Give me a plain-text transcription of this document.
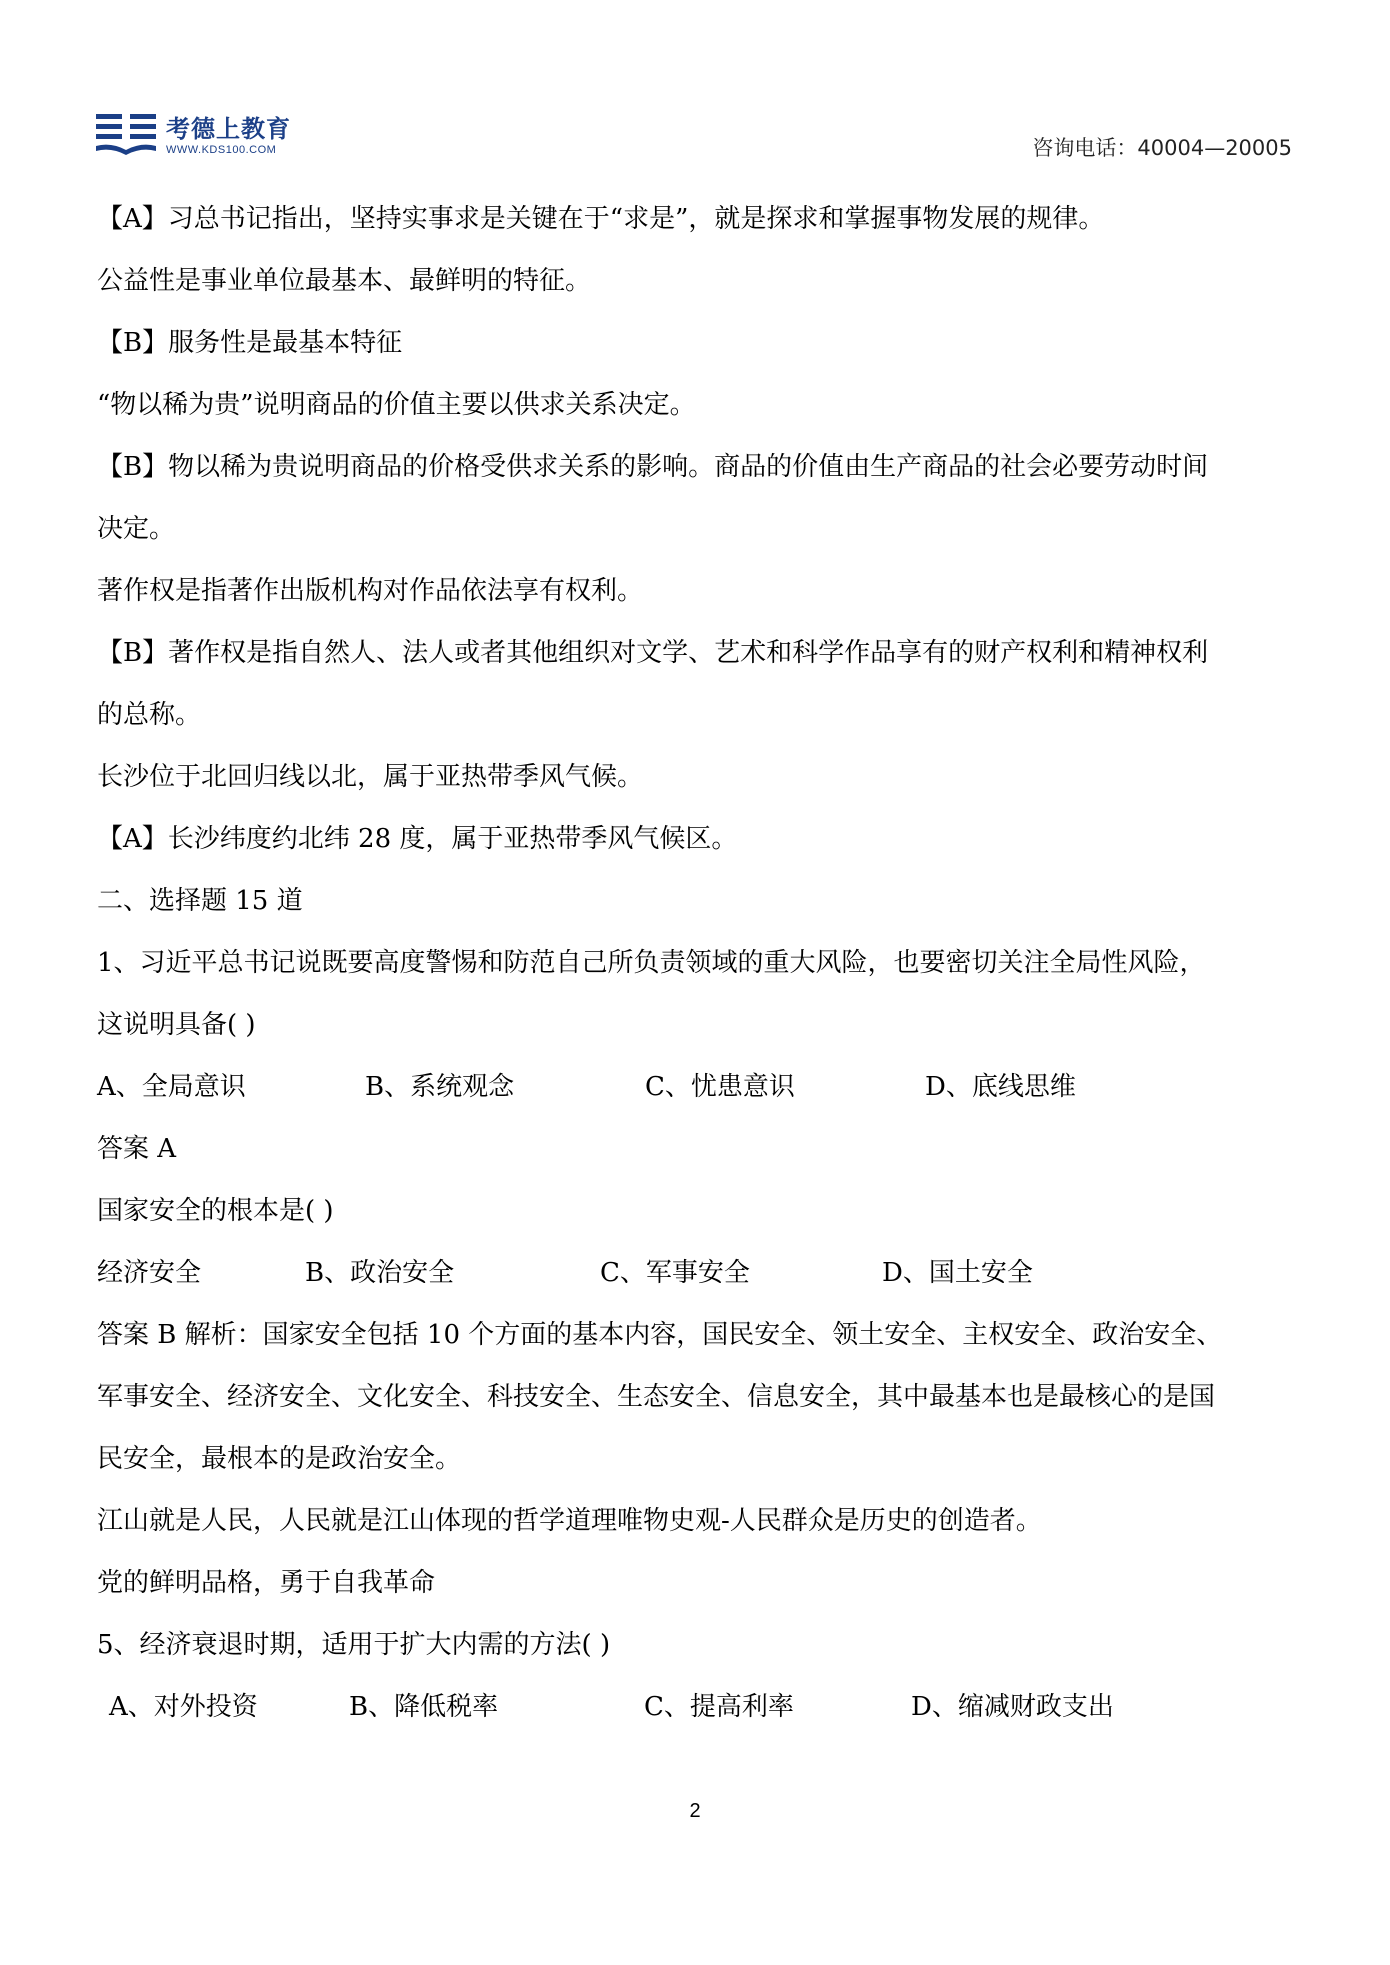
考德上教育
WWW.KDS100.COM	咨询电话：40004—20005
【A】习总书记指出，坚持实事求是关键在于“求是”，就是探求和掌握事物发展的规律。
公益性是事业单位最基本、最鲜明的特征。
【B】服务性是最基本特征
“物以稀为贵”说明商品的价值主要以供求关系决定。
【B】物以稀为贵说明商品的价格受供求关系的影响。商品的价值由生产商品的社会必要劳动时间
决定。
著作权是指著作出版机构对作品依法享有权利。
【B】著作权是指自然人、法人或者其他组织对文学、艺术和科学作品享有的财产权利和精神权利
的总称。
长沙位于北回归线以北，属于亚热带季风气候。
【A】长沙纬度约北纬 28 度，属于亚热带季风气候区。
二、选择题 15 道
1、习近平总书记说既要高度警惕和防范自己所负责领域的重大风险，也要密切关注全局性风险，
这说明具备( )
A、全局意识	B、系统观念	C、忧患意识	D、底线思维
答案 A
国家安全的根本是( )
经济安全	B、政治安全	C、军事安全	D、国土安全
答案 B 解析：国家安全包括 10 个方面的基本内容，国民安全、领土安全、主权安全、政治安全、
军事安全、经济安全、文化安全、科技安全、生态安全、信息安全，其中最基本也是最核心的是国
民安全，最根本的是政治安全。
江山就是人民，人民就是江山体现的哲学道理唯物史观-人民群众是历史的创造者。
党的鲜明品格，勇于自我革命
5、经济衰退时期，适用于扩大内需的方法( )
A、对外投资	B、降低税率	C、提高利率	D、缩减财政支出
2
